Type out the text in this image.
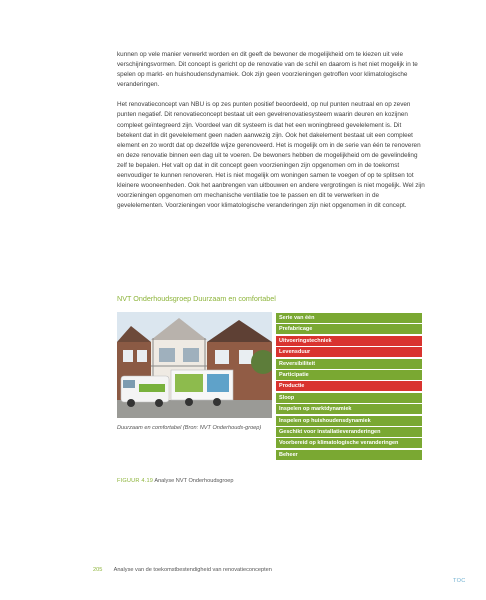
kunnen op vele manier verwerkt worden en dit geeft de bewoner de mogelijkheid om te kiezen uit vele verschijningsvormen. Dit concept is gericht op de renovatie van de schil en daarom is het niet mogelijk in te spelen op markt- en huishoudensdynamiek. Ook zijn geen voorzieningen getroffen voor klimatologische veranderingen.

Het renovatieconcept van NBU is op zes punten positief beoordeeld, op nul punten neutraal en op zeven punten negatief. Dit renovatieconcept bestaat uit een gevelrenovatiesysteem waarin deuren en kozijnen compleet geïntegreerd zijn. Voordeel van dit systeem is dat het een woningbreed gevelelement is. Dit betekent dat in dit gevelelement geen naden aanwezig zijn. Ook het dakelement bestaat uit een compleet element en zo wordt dat op dezelfde wijze gerenoveerd. Het is mogelijk om in de serie van één te renoveren en deze renovatie binnen een dag uit te voeren. De bewoners hebben de mogelijkheid om de gevelindeling zelf te bepalen. Het valt op dat in dit concept geen voorzieningen zijn opgenomen om in de toekomst eenvoudiger te kunnen renoveren. Het is niet mogelijk om woningen samen te voegen of op te splitsen tot kleinere wooneenheden. Ook het aanbrengen van uitbouwen en andere vergrotingen is niet mogelijk. Wel zijn voorzieningen opgenomen om mechanische ventilatie toe te passen en dit te verwerken in de gevelelementen. Voorzieningen voor klimatologische veranderingen zijn niet opgenomen in dit concept.

NVT Onderhoudsgroep Duurzaam en comfortabel
Duurzaam en comfortabel (Bron: NVT Onderhouds-groep)
Serie van één
Prefabricage
Uitvoeringstechniek
Levensduur
Reversibiliteit
Participatie
Productie
Sloop
Inspelen op marktdynamiek
Inspelen op huishoudensdynamiek
Geschikt voor installatieveranderingen
Voorbereid op klimatologische veranderingen
Beheer
FIGUUR 4.19 Analyse NVT Onderhoudsgroep
205 Analyse van de toekomstbestendigheid van renovatieconcepten
TOC
